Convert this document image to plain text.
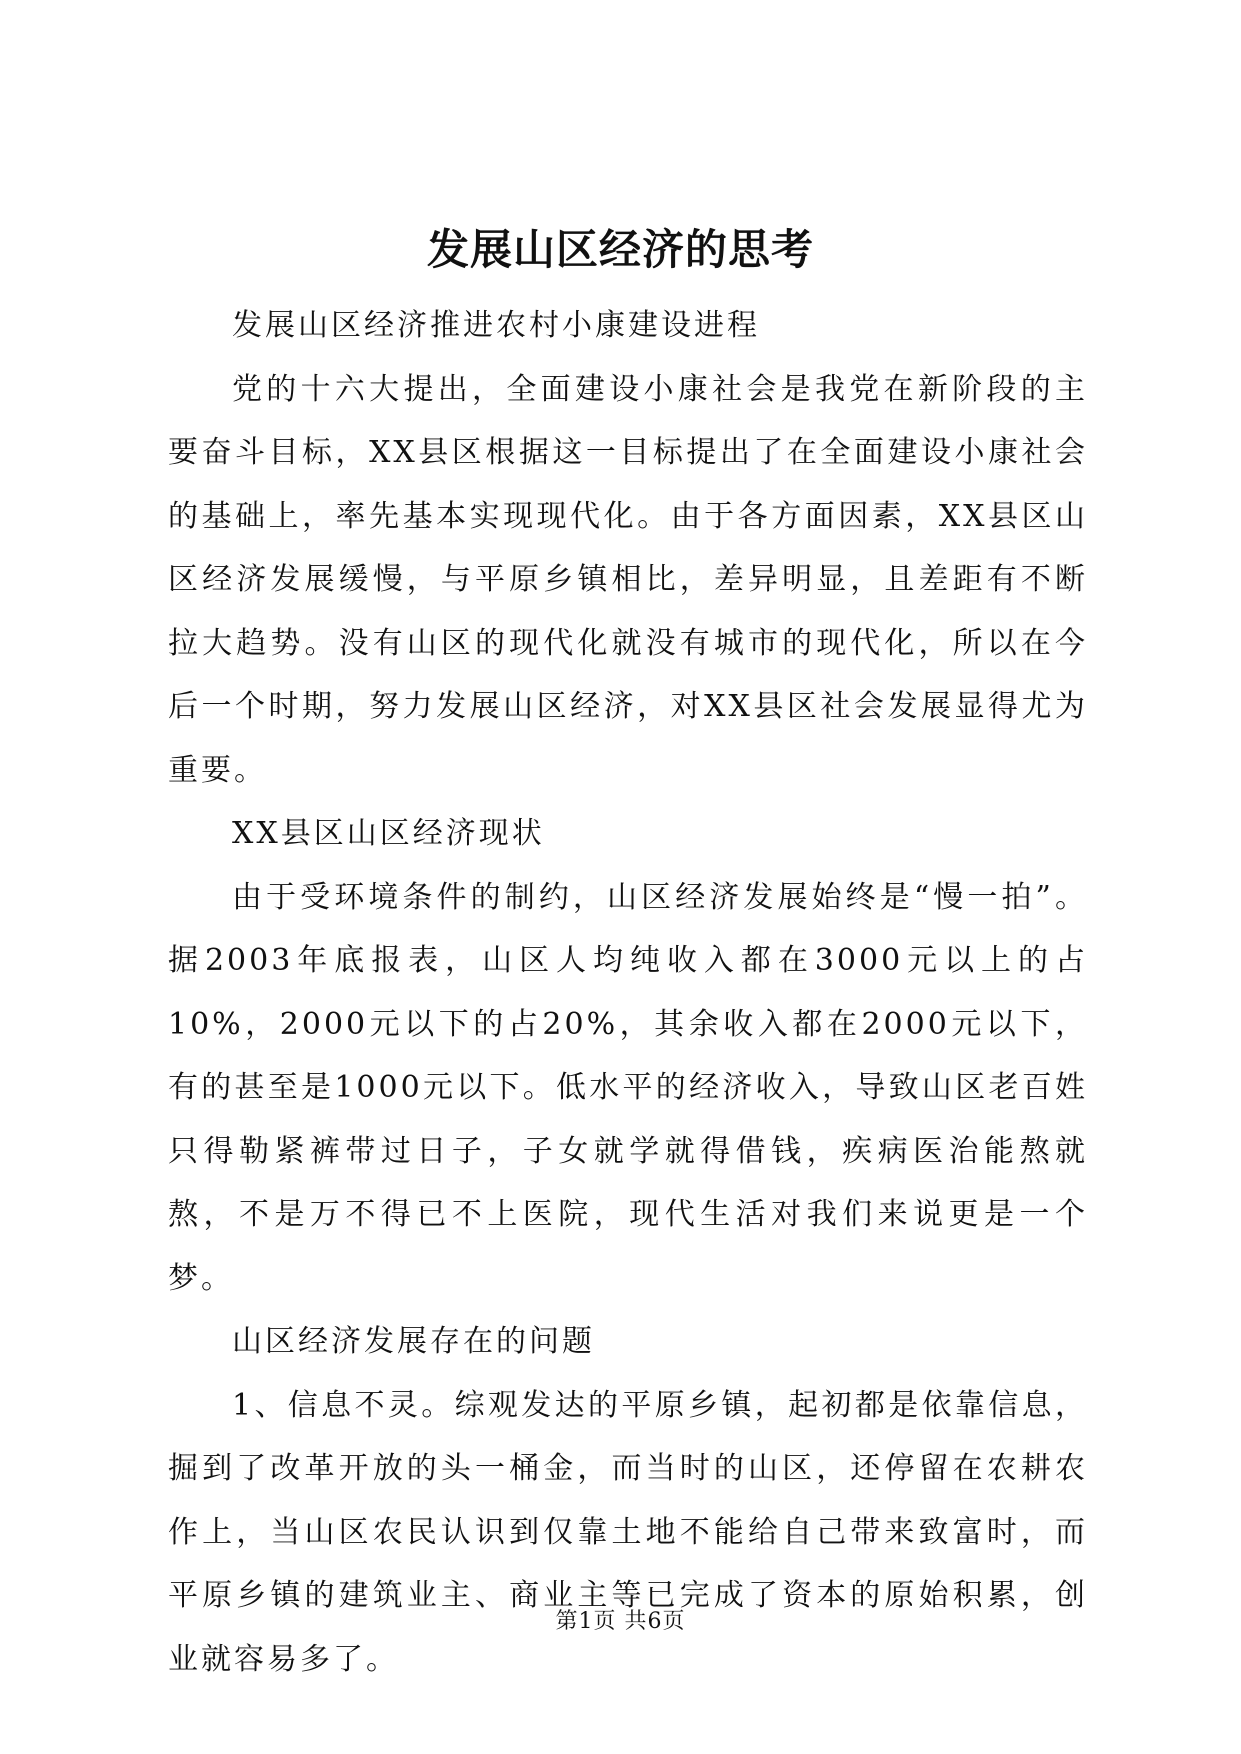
发展山区经济的思考

发展山区经济推进农村小康建设进程

党的十六大提出，全面建设小康社会是我党在新阶段的主要奋斗目标，XX县区根据这一目标提出了在全面建设小康社会的基础上，率先基本实现现代化。由于各方面因素，XX县区山区经济发展缓慢，与平原乡镇相比，差异明显，且差距有不断拉大趋势。没有山区的现代化就没有城市的现代化，所以在今后一个时期，努力发展山区经济，对XX县区社会发展显得尤为重要。

XX县区山区经济现状

由于受环境条件的制约，山区经济发展始终是“慢一拍”。据2003年底报表，山区人均纯收入都在3000元以上的占10%，2000元以下的占20%，其余收入都在2000元以下，有的甚至是1000元以下。低水平的经济收入，导致山区老百姓只得勒紧裤带过日子，子女就学就得借钱，疾病医治能熬就熬，不是万不得已不上医院，现代生活对我们来说更是一个梦。

山区经济发展存在的问题

1、信息不灵。综观发达的平原乡镇，起初都是依靠信息，掘到了改革开放的头一桶金，而当时的山区，还停留在农耕农作上，当山区农民认识到仅靠土地不能给自己带来致富时，而平原乡镇的建筑业主、商业主等已完成了资本的原始积累，创业就容易多了。

第1页 共6页
